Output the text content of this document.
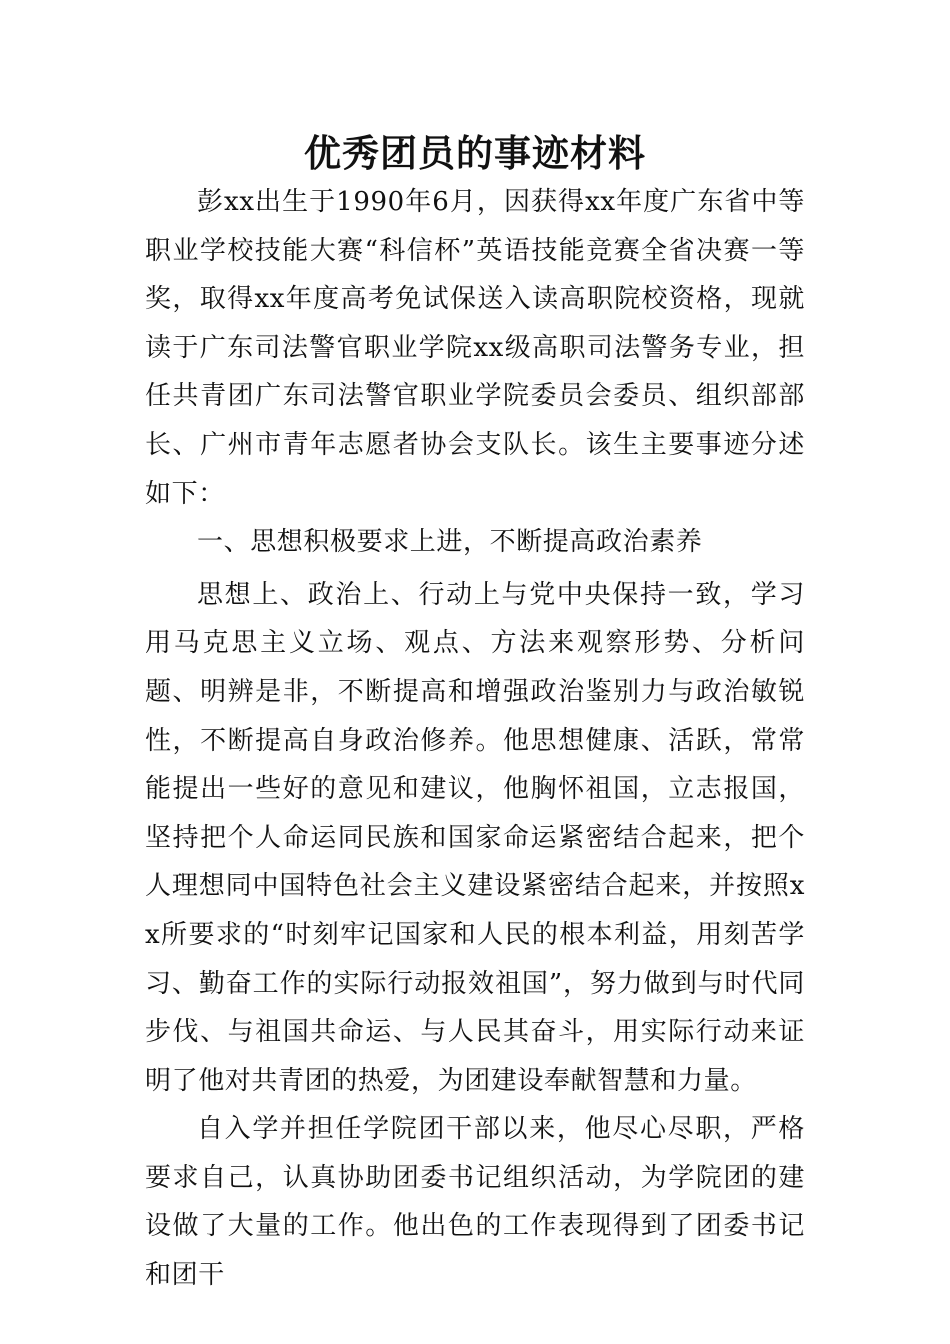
优秀团员的事迹材料

彭xx出生于1990年6月，因获得xx年度广东省中等职业学校技能大赛“科信杯”英语技能竞赛全省决赛一等奖，取得xx年度高考免试保送入读高职院校资格，现就读于广东司法警官职业学院xx级高职司法警务专业，担任共青团广东司法警官职业学院委员会委员、组织部部长、广州市青年志愿者协会支队长。该生主要事迹分述如下：

一、思想积极要求上进，不断提高政治素养

思想上、政治上、行动上与党中央保持一致，学习用马克思主义立场、观点、方法来观察形势、分析问题、明辨是非，不断提高和增强政治鉴别力与政治敏锐性，不断提高自身政治修养。他思想健康、活跃，常常能提出一些好的意见和建议，他胸怀祖国，立志报国，坚持把个人命运同民族和国家命运紧密结合起来，把个人理想同中国特色社会主义建设紧密结合起来，并按照xx所要求的“时刻牢记国家和人民的根本利益，用刻苦学习、勤奋工作的实际行动报效祖国”，努力做到与时代同步伐、与祖国共命运、与人民其奋斗，用实际行动来证明了他对共青团的热爱，为团建设奉献智慧和力量。

自入学并担任学院团干部以来，他尽心尽职，严格要求自己，认真协助团委书记组织活动，为学院团的建设做了大量的工作。他出色的工作表现得到了团委书记和团干
